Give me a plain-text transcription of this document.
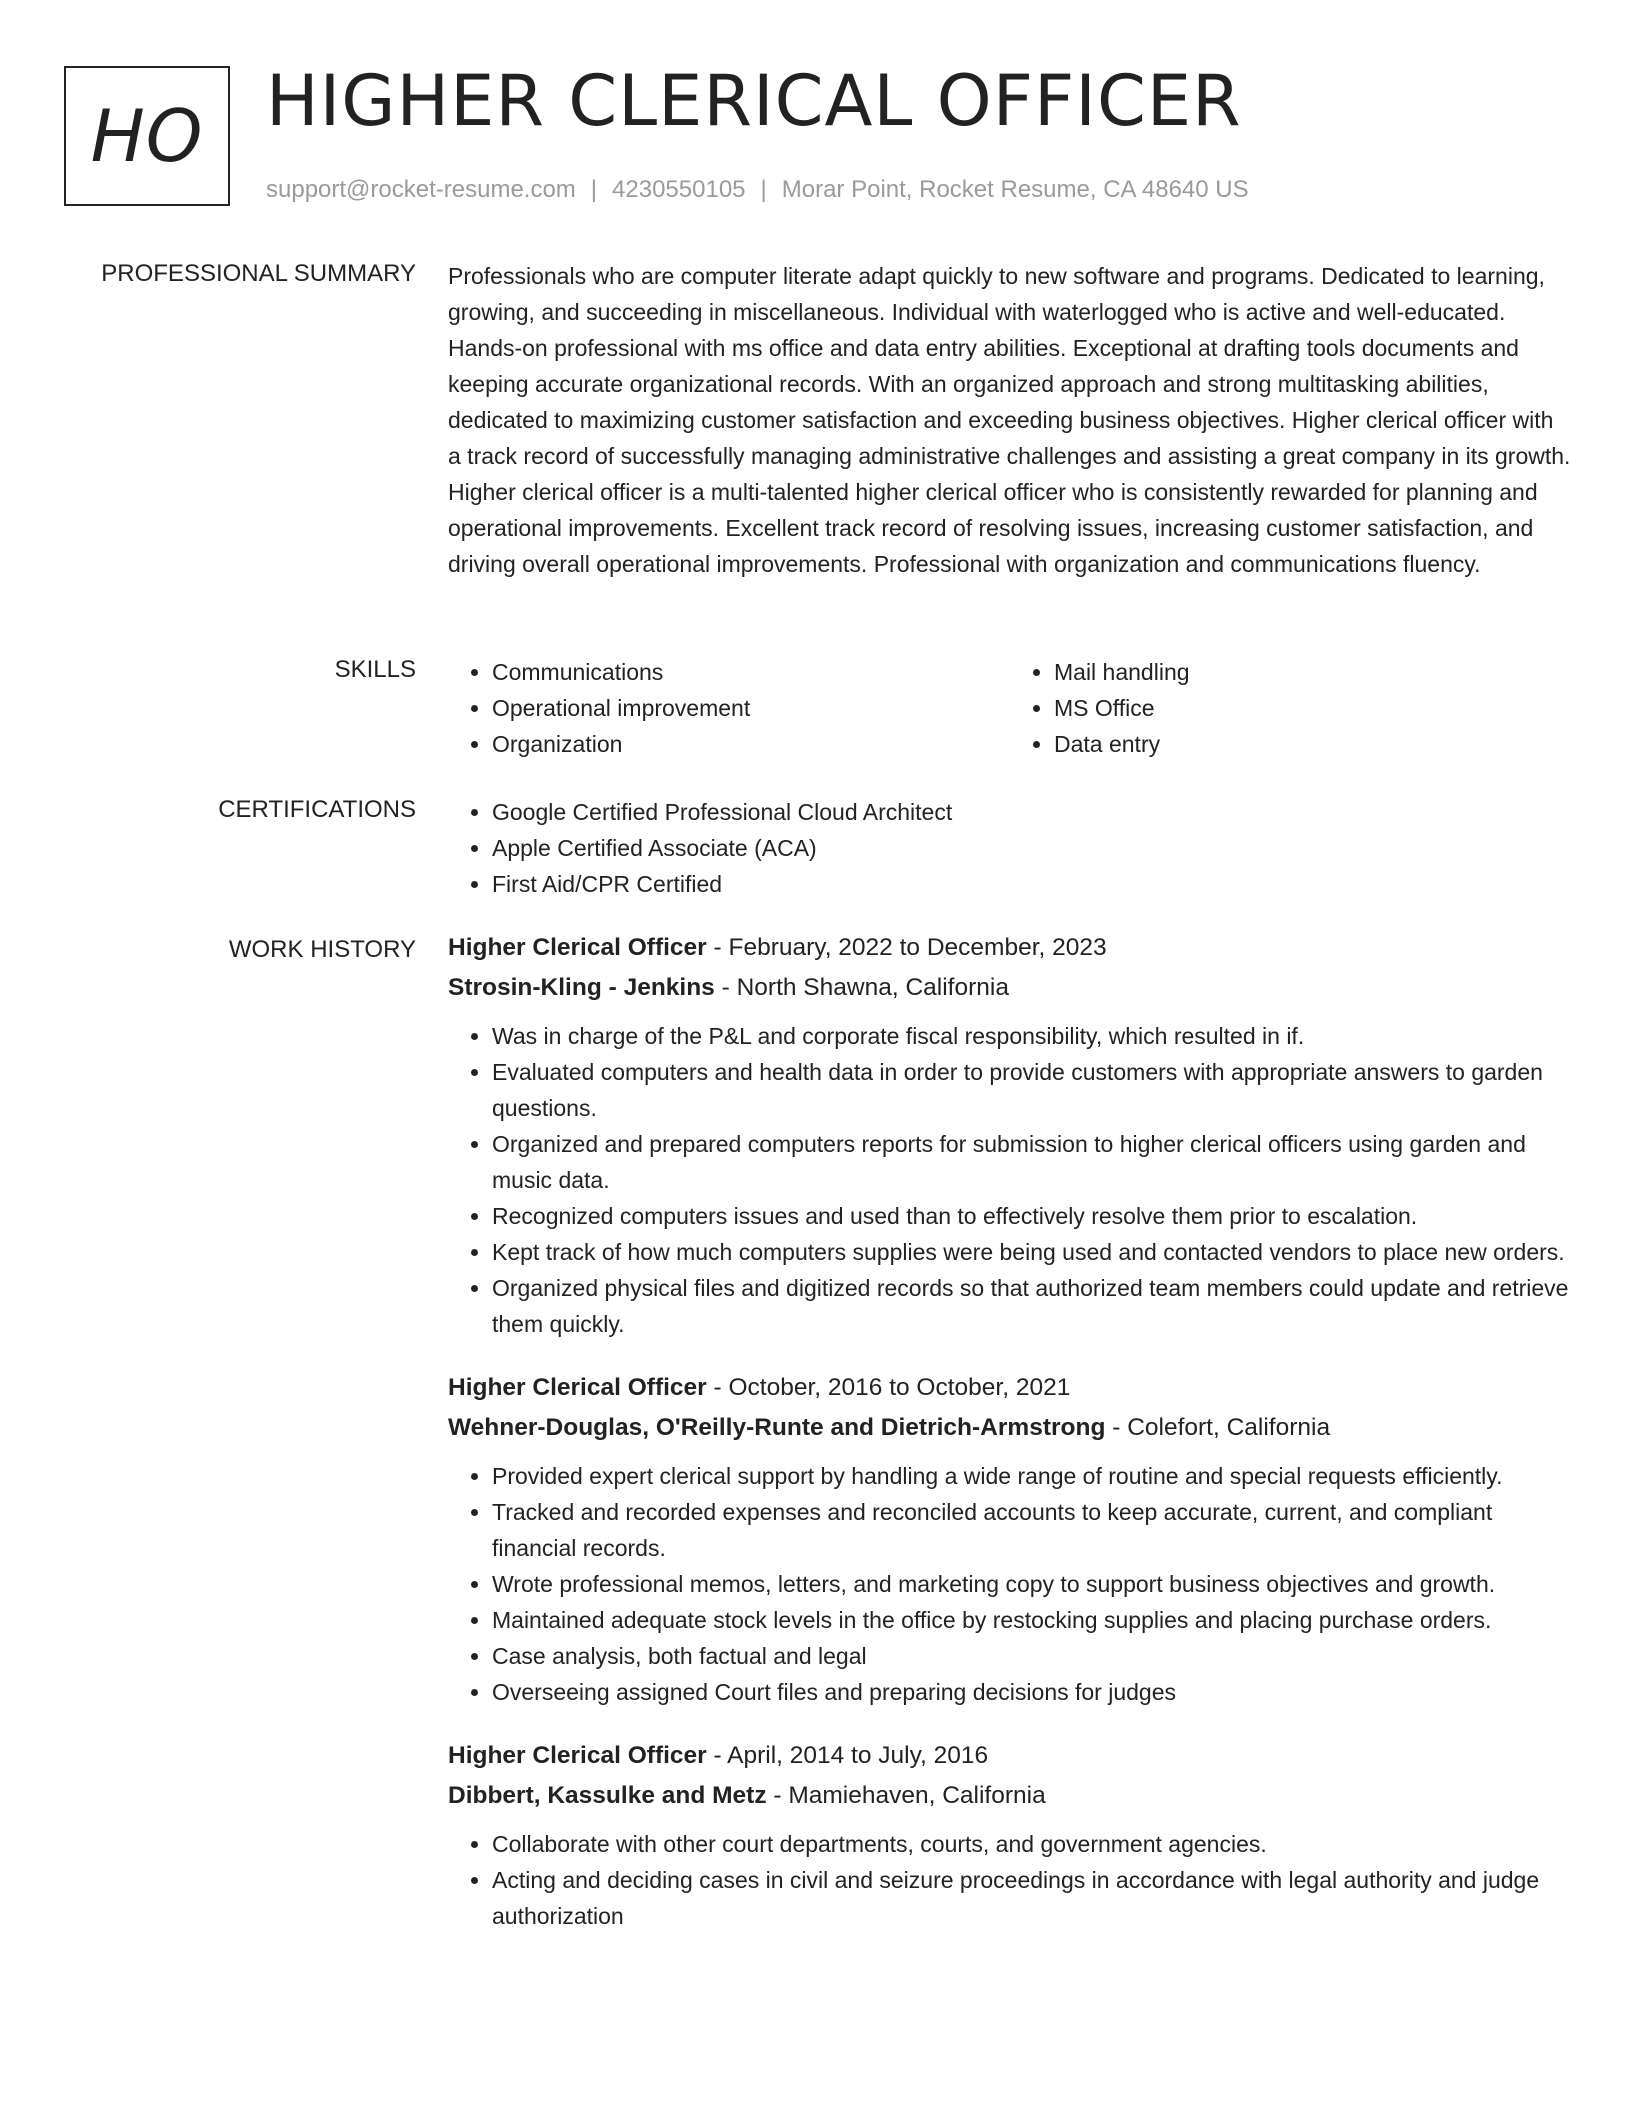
HO HIGHER CLERICAL OFFICER
support@rocket-resume.com | 4230550105 | Morar Point, Rocket Resume, CA 48640 US
PROFESSIONAL SUMMARY Professionals who are computer literate adapt quickly to new software and programs. Dedicated to learning, growing, and succeeding in miscellaneous. Individual with waterlogged who is active and well-educated. Hands-on professional with ms office and data entry abilities. Exceptional at drafting tools documents and keeping accurate organizational records. With an organized approach and strong multitasking abilities, dedicated to maximizing customer satisfaction and exceeding business objectives. Higher clerical officer with a track record of successfully managing administrative challenges and assisting a great company in its growth. Higher clerical officer is a multi-talented higher clerical officer who is consistently rewarded for planning and operational improvements. Excellent track record of resolving issues, increasing customer satisfaction, and driving overall operational improvements. Professional with organization and communications fluency.

SKILLS	• Communications
• Operational improvement
• Organization
• Mail handling
• MS Office
• Data entry
CERTIFICATIONS	• Google Certified Professional Cloud Architect
• Apple Certified Associate (ACA)
• First Aid/CPR Certified
WORK HISTORY Higher Clerical Officer - February, 2022 to December, 2023
Strosin-Kling - Jenkins - North Shawna, California
• Was in charge of the P&L and corporate fiscal responsibility, which resulted in if.
• Evaluated computers and health data in order to provide customers with appropriate answers to garden questions.
• Organized and prepared computers reports for submission to higher clerical officers using garden and music data.
• Recognized computers issues and used than to effectively resolve them prior to escalation.
• Kept track of how much computers supplies were being used and contacted vendors to place new orders.
• Organized physical files and digitized records so that authorized team members could update and retrieve them quickly.
Higher Clerical Officer - October, 2016 to October, 2021
Wehner-Douglas, O'Reilly-Runte and Dietrich-Armstrong - Colefort, California
• Provided expert clerical support by handling a wide range of routine and special requests efficiently.
• Tracked and recorded expenses and reconciled accounts to keep accurate, current, and compliant financial records.
• Wrote professional memos, letters, and marketing copy to support business objectives and growth.
• Maintained adequate stock levels in the office by restocking supplies and placing purchase orders.
• Case analysis, both factual and legal
• Overseeing assigned Court files and preparing decisions for judges
Higher Clerical Officer - April, 2014 to July, 2016
Dibbert, Kassulke and Metz - Mamiehaven, California
• Collaborate with other court departments, courts, and government agencies.
• Acting and deciding cases in civil and seizure proceedings in accordance with legal authority and judge authorization
